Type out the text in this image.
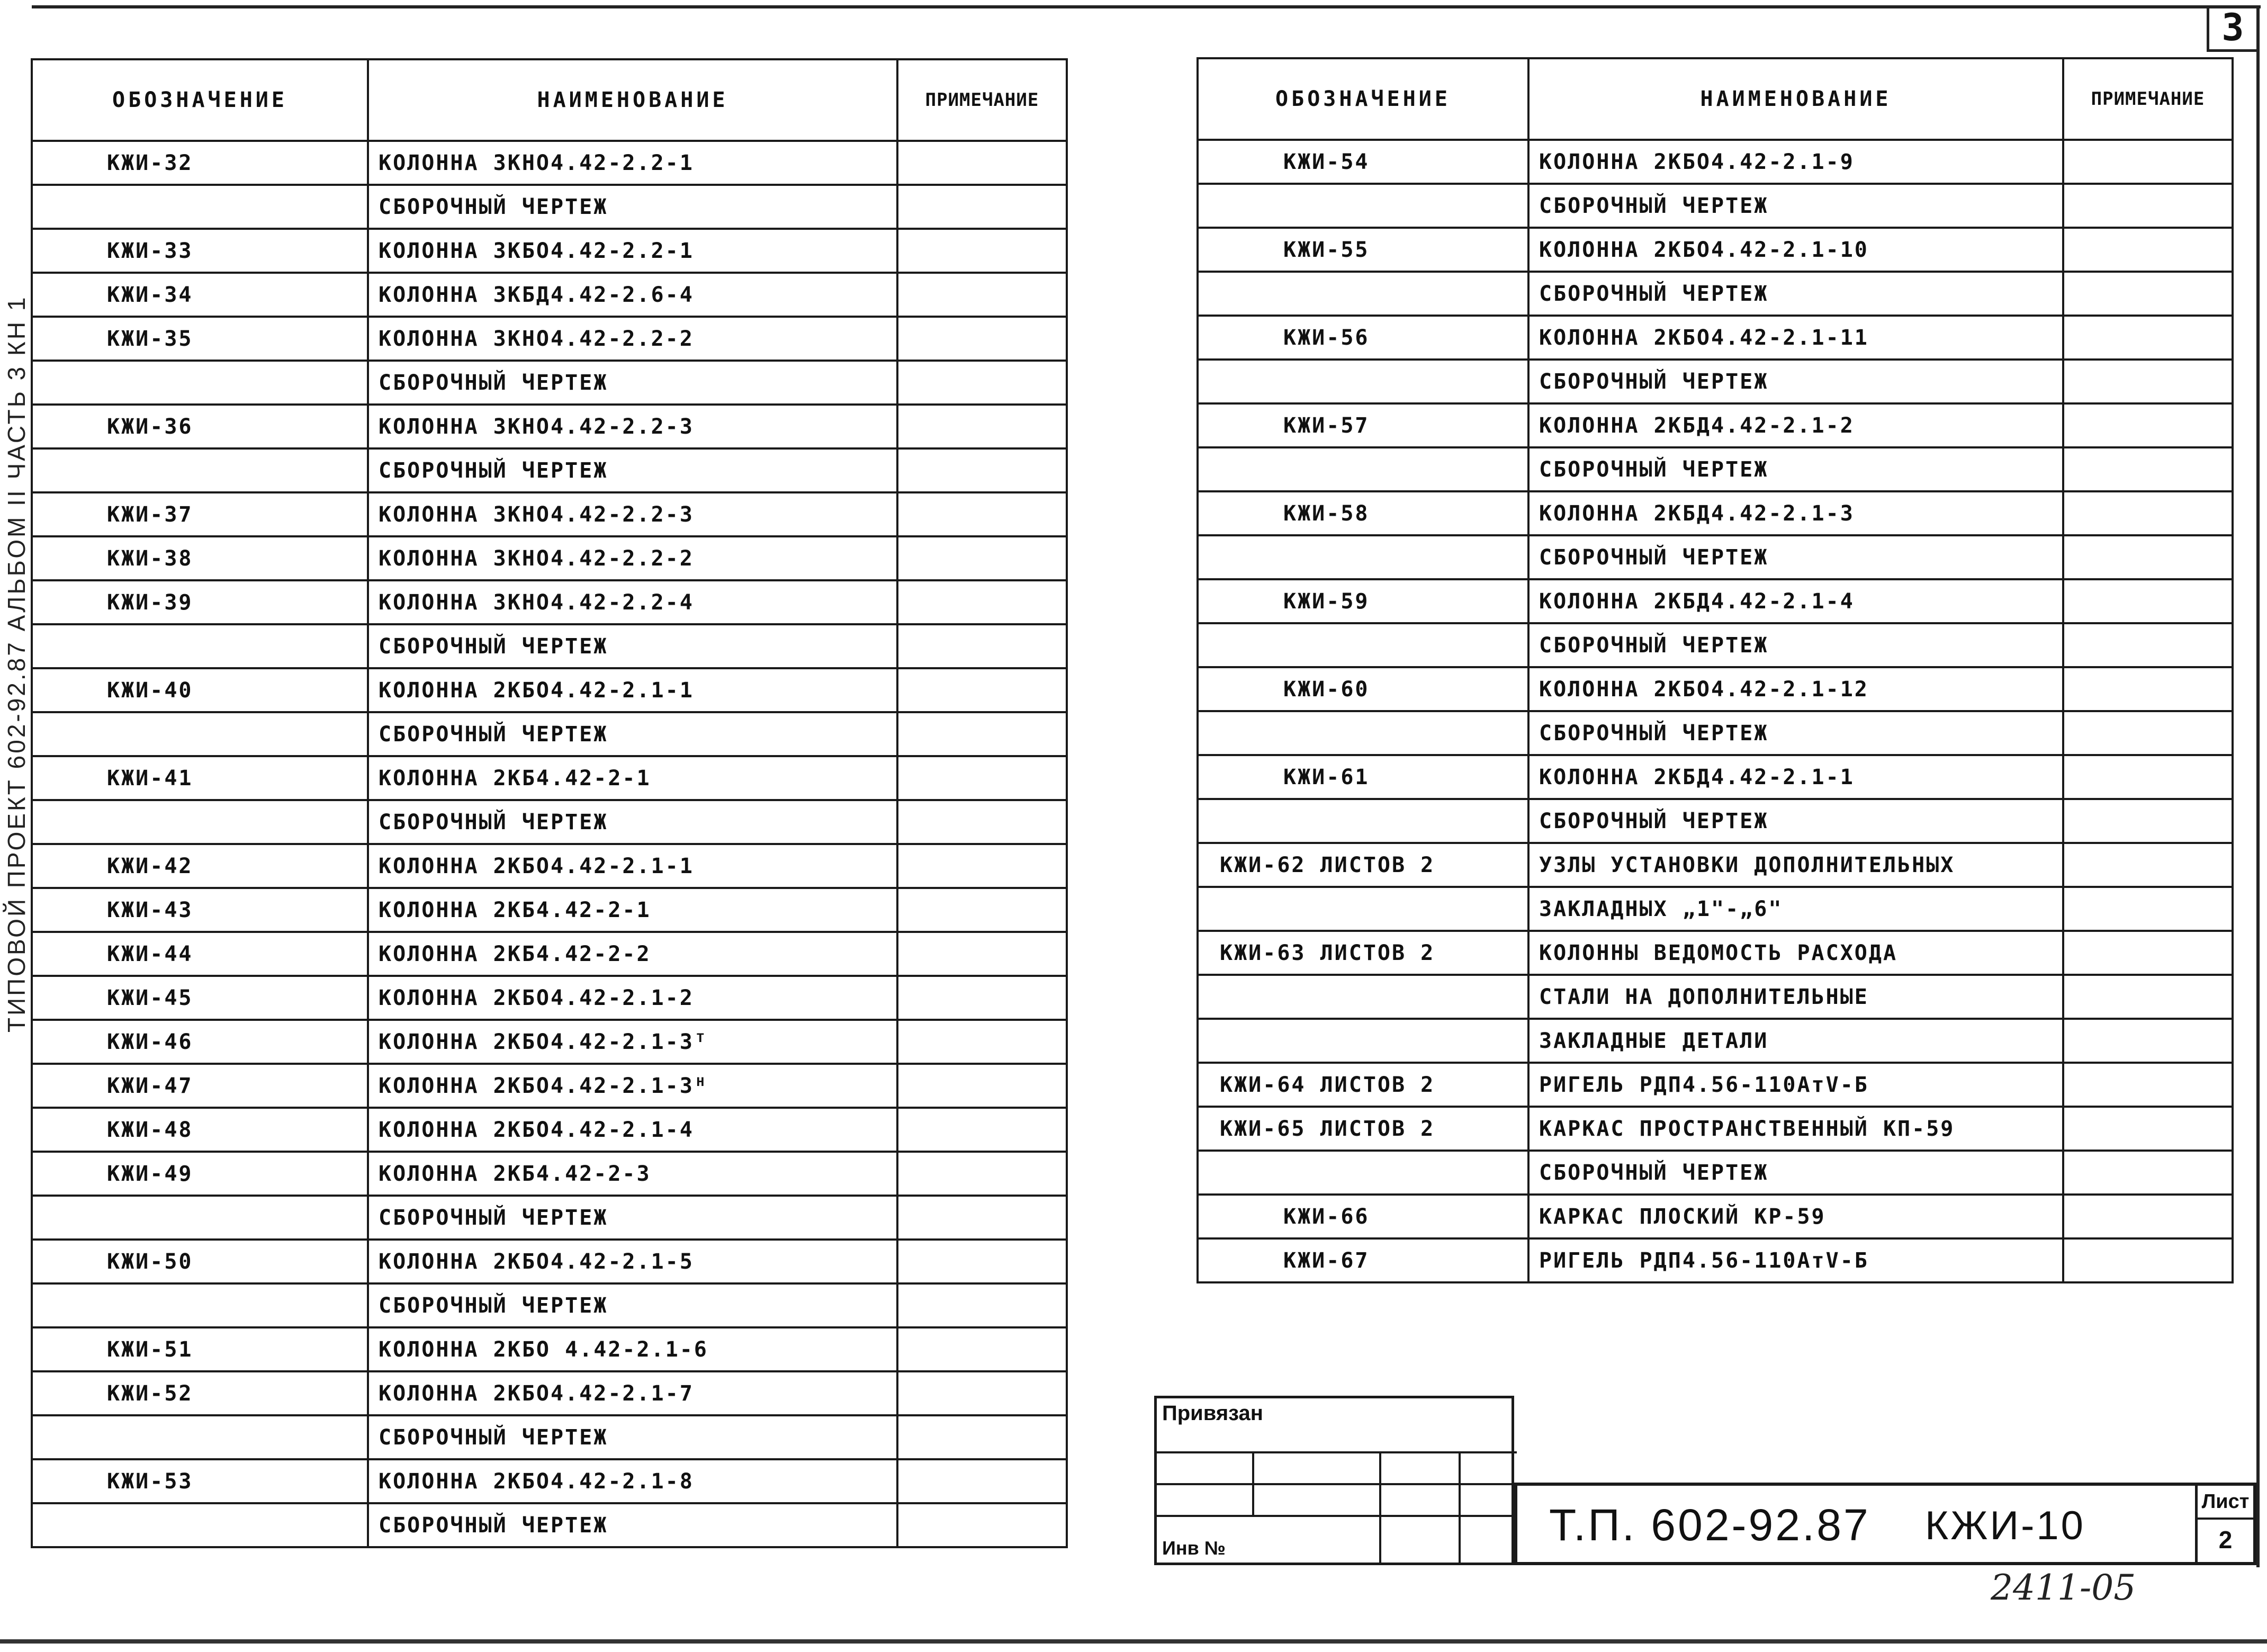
3
ТИПОВОЙ ПРОЕКТ 602-92.87 АЛЬБОМ II ЧАСТЬ 3 КН 1
ОБОЗНАЧЕНИЕ	НАИМЕНОВАНИЕ	ПРИМЕЧАНИЕ
КЖИ-32	КОЛОННА 3КНО4.42-2.2-1	
	СБОРОЧНЫЙ ЧЕРТЕЖ	
КЖИ-33	КОЛОННА 3КБО4.42-2.2-1	
КЖИ-34	КОЛОННА 3КБД4.42-2.6-4	
КЖИ-35	КОЛОННА 3КНО4.42-2.2-2	
	СБОРОЧНЫЙ ЧЕРТЕЖ	
КЖИ-36	КОЛОННА 3КНО4.42-2.2-3	
	СБОРОЧНЫЙ ЧЕРТЕЖ	
КЖИ-37	КОЛОННА 3КНО4.42-2.2-3	
КЖИ-38	КОЛОННА 3КНО4.42-2.2-2	
КЖИ-39	КОЛОННА 3КНО4.42-2.2-4	
	СБОРОЧНЫЙ ЧЕРТЕЖ	
КЖИ-40	КОЛОННА 2КБО4.42-2.1-1	
	СБОРОЧНЫЙ ЧЕРТЕЖ	
КЖИ-41	КОЛОННА 2КБ4.42-2-1	
	СБОРОЧНЫЙ ЧЕРТЕЖ	
КЖИ-42	КОЛОННА 2КБО4.42-2.1-1	
КЖИ-43	КОЛОННА 2КБ4.42-2-1	
КЖИ-44	КОЛОННА 2КБ4.42-2-2	
КЖИ-45	КОЛОННА 2КБО4.42-2.1-2	
КЖИ-46	КОЛОННА 2КБО4.42-2.1-3ᵀ	
КЖИ-47	КОЛОННА 2КБО4.42-2.1-3ᴴ	
КЖИ-48	КОЛОННА 2КБО4.42-2.1-4	
КЖИ-49	КОЛОННА 2КБ4.42-2-3	
	СБОРОЧНЫЙ ЧЕРТЕЖ	
КЖИ-50	КОЛОННА 2КБО4.42-2.1-5	
	СБОРОЧНЫЙ ЧЕРТЕЖ	
КЖИ-51	КОЛОННА 2КБО 4.42-2.1-6	
КЖИ-52	КОЛОННА 2КБО4.42-2.1-7	
	СБОРОЧНЫЙ ЧЕРТЕЖ	
КЖИ-53	КОЛОННА 2КБО4.42-2.1-8	
	СБОРОЧНЫЙ ЧЕРТЕЖ	
ОБОЗНАЧЕНИЕ	НАИМЕНОВАНИЕ	ПРИМЕЧАНИЕ
КЖИ-54	КОЛОННА 2КБО4.42-2.1-9	
	СБОРОЧНЫЙ ЧЕРТЕЖ	
КЖИ-55	КОЛОННА 2КБО4.42-2.1-10	
	СБОРОЧНЫЙ ЧЕРТЕЖ	
КЖИ-56	КОЛОННА 2КБО4.42-2.1-11	
	СБОРОЧНЫЙ ЧЕРТЕЖ	
КЖИ-57	КОЛОННА 2КБД4.42-2.1-2	
	СБОРОЧНЫЙ ЧЕРТЕЖ	
КЖИ-58	КОЛОННА 2КБД4.42-2.1-3	
	СБОРОЧНЫЙ ЧЕРТЕЖ	
КЖИ-59	КОЛОННА 2КБД4.42-2.1-4	
	СБОРОЧНЫЙ ЧЕРТЕЖ	
КЖИ-60	КОЛОННА 2КБО4.42-2.1-12	
	СБОРОЧНЫЙ ЧЕРТЕЖ	
КЖИ-61	КОЛОННА 2КБД4.42-2.1-1	
	СБОРОЧНЫЙ ЧЕРТЕЖ	
КЖИ-62 ЛИСТОВ 2	УЗЛЫ УСТАНОВКИ ДОПОЛНИТЕЛЬНЫХ	
	ЗАКЛАДНЫХ „1"-„6"	
КЖИ-63 ЛИСТОВ 2	КОЛОННЫ ВЕДОМОСТЬ РАСХОДА	
	СТАЛИ НА ДОПОЛНИТЕЛЬНЫЕ	
	ЗАКЛАДНЫЕ ДЕТАЛИ	
КЖИ-64 ЛИСТОВ 2	РИГЕЛЬ РДП4.56-110АтV-Б	
КЖИ-65 ЛИСТОВ 2	КАРКАС ПРОСТРАНСТВЕННЫЙ КП-59	
	СБОРОЧНЫЙ ЧЕРТЕЖ	
КЖИ-66	КАРКАС ПЛОСКИЙ КР-59	
КЖИ-67	РИГЕЛЬ РДП4.56-110АтV-Б	
Привязан
Инв №	Т.П. 602-92.87 КЖИ-10
Лист
2
2411-05
